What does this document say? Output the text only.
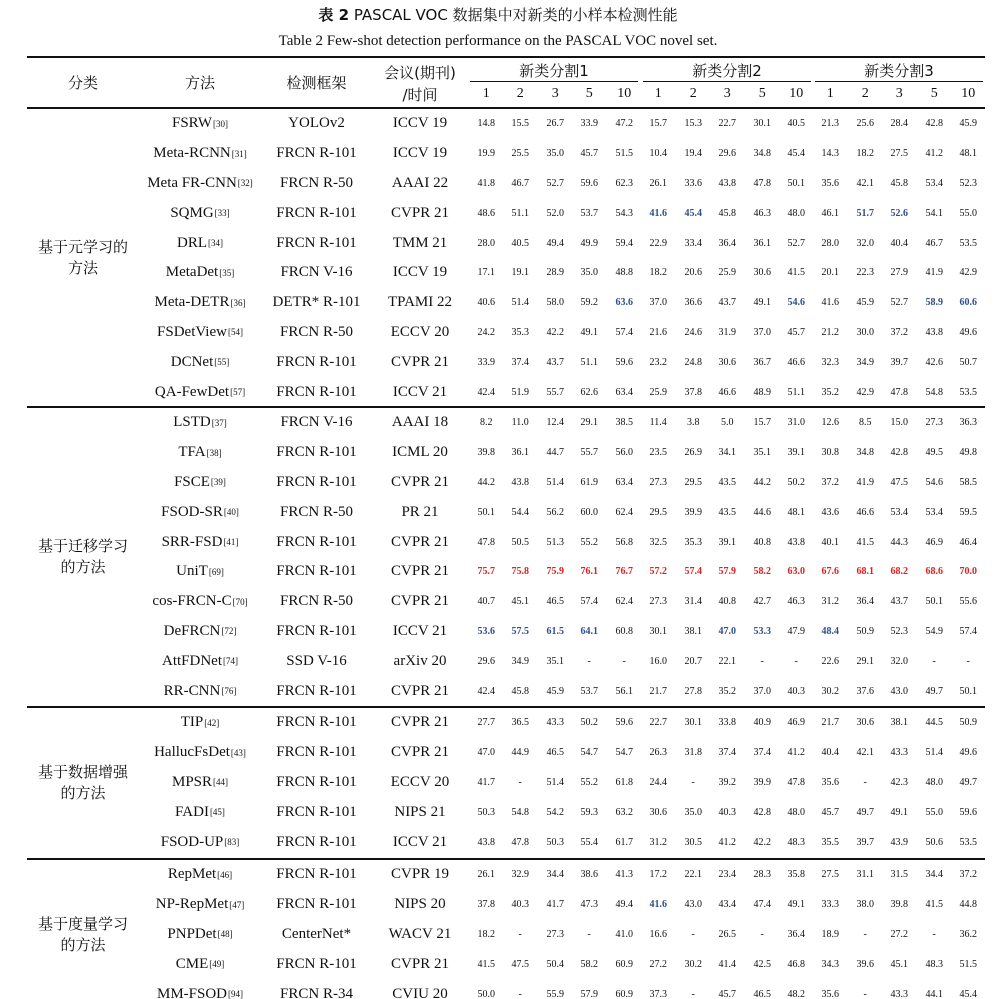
表 2 PASCAL VOC 数据集中对新类的小样本检测性能
Table 2 Few-shot detection performance on the PASCAL VOC novel set.
分类	方法	检测框架
会议(期刊)
/时间
新类分割1	新类分割2	新类分割3
1	2	3	5	10	1	2	3	5	10	1	2	3	5	10
基于元学习的
方法
FSRW [30]	YOLOv2	ICCV 19	14.8	15.5	26.7	33.9	47.2	15.7	15.3	22.7	30.1	40.5	21.3	25.6	28.4	42.8	45.9
Meta-RCNN [31]	FRCN R-101	ICCV 19	19.9	25.5	35.0	45.7	51.5	10.4	19.4	29.6	34.8	45.4	14.3	18.2	27.5	41.2	48.1
Meta FR-CNN [32]	FRCN R-50	AAAI 22	41.8	46.7	52.7	59.6	62.3	26.1	33.6	43.8	47.8	50.1	35.6	42.1	45.8	53.4	52.3
SQMG [33]	FRCN R-101	CVPR 21	48.6	51.1	52.0	53.7	54.3	41.6	45.4	45.8	46.3	48.0	46.1	51.7	52.6	54.1	55.0
DRL [34]	FRCN R-101	TMM 21	28.0	40.5	49.4	49.9	59.4	22.9	33.4	36.4	36.1	52.7	28.0	32.0	40.4	46.7	53.5
MetaDet [35]	FRCN V-16	ICCV 19	17.1	19.1	28.9	35.0	48.8	18.2	20.6	25.9	30.6	41.5	20.1	22.3	27.9	41.9	42.9
Meta-DETR [36]	DETR* R-101	TPAMI 22	40.6	51.4	58.0	59.2	63.6	37.0	36.6	43.7	49.1	54.6	41.6	45.9	52.7	58.9	60.6
FSDetView [54]	FRCN R-50	ECCV 20	24.2	35.3	42.2	49.1	57.4	21.6	24.6	31.9	37.0	45.7	21.2	30.0	37.2	43.8	49.6
DCNet [55]	FRCN R-101	CVPR 21	33.9	37.4	43.7	51.1	59.6	23.2	24.8	30.6	36.7	46.6	32.3	34.9	39.7	42.6	50.7
QA-FewDet [57]	FRCN R-101	ICCV 21	42.4	51.9	55.7	62.6	63.4	25.9	37.8	46.6	48.9	51.1	35.2	42.9	47.8	54.8	53.5
基于迁移学习
的方法
LSTD [37]	FRCN V-16	AAAI 18	8.2	11.0	12.4	29.1	38.5	11.4	3.8	5.0	15.7	31.0	12.6	8.5	15.0	27.3	36.3
TFA [38]	FRCN R-101	ICML 20	39.8	36.1	44.7	55.7	56.0	23.5	26.9	34.1	35.1	39.1	30.8	34.8	42.8	49.5	49.8
FSCE [39]	FRCN R-101	CVPR 21	44.2	43.8	51.4	61.9	63.4	27.3	29.5	43.5	44.2	50.2	37.2	41.9	47.5	54.6	58.5
FSOD-SR [40]	FRCN R-50	PR 21	50.1	54.4	56.2	60.0	62.4	29.5	39.9	43.5	44.6	48.1	43.6	46.6	53.4	53.4	59.5
SRR-FSD [41]	FRCN R-101	CVPR 21	47.8	50.5	51.3	55.2	56.8	32.5	35.3	39.1	40.8	43.8	40.1	41.5	44.3	46.9	46.4
UniT [69]	FRCN R-101	CVPR 21	75.7	75.8	75.9	76.1	76.7	57.2	57.4	57.9	58.2	63.0	67.6	68.1	68.2	68.6	70.0
cos-FRCN-C [70]	FRCN R-50	CVPR 21	40.7	45.1	46.5	57.4	62.4	27.3	31.4	40.8	42.7	46.3	31.2	36.4	43.7	50.1	55.6
DeFRCN [72]	FRCN R-101	ICCV 21	53.6	57.5	61.5	64.1	60.8	30.1	38.1	47.0	53.3	47.9	48.4	50.9	52.3	54.9	57.4
AttFDNet [74]	SSD V-16	arXiv 20	29.6	34.9	35.1	-	-	16.0	20.7	22.1	-	-	22.6	29.1	32.0	-	-
RR-CNN [76]	FRCN R-101	CVPR 21	42.4	45.8	45.9	53.7	56.1	21.7	27.8	35.2	37.0	40.3	30.2	37.6	43.0	49.7	50.1
基于数据增强
的方法
TIP [42]	FRCN R-101	CVPR 21	27.7	36.5	43.3	50.2	59.6	22.7	30.1	33.8	40.9	46.9	21.7	30.6	38.1	44.5	50.9
HallucFsDet [43]	FRCN R-101	CVPR 21	47.0	44.9	46.5	54.7	54.7	26.3	31.8	37.4	37.4	41.2	40.4	42.1	43.3	51.4	49.6
MPSR [44]	FRCN R-101	ECCV 20	41.7	-	51.4	55.2	61.8	24.4	-	39.2	39.9	47.8	35.6	-	42.3	48.0	49.7
FADI [45]	FRCN R-101	NIPS 21	50.3	54.8	54.2	59.3	63.2	30.6	35.0	40.3	42.8	48.0	45.7	49.7	49.1	55.0	59.6
FSOD-UP [83]	FRCN R-101	ICCV 21	43.8	47.8	50.3	55.4	61.7	31.2	30.5	41.2	42.2	48.3	35.5	39.7	43.9	50.6	53.5
基于度量学习
的方法
RepMet [46]	FRCN R-101	CVPR 19	26.1	32.9	34.4	38.6	41.3	17.2	22.1	23.4	28.3	35.8	27.5	31.1	31.5	34.4	37.2
NP-RepMet [47]	FRCN R-101	NIPS 20	37.8	40.3	41.7	47.3	49.4	41.6	43.0	43.4	47.4	49.1	33.3	38.0	39.8	41.5	44.8
PNPDet [48]	CenterNet*	WACV 21	18.2	-	27.3	-	41.0	16.6	-	26.5	-	36.4	18.9	-	27.2	-	36.2
CME [49]	FRCN R-101	CVPR 21	41.5	47.5	50.4	58.2	60.9	27.2	30.2	41.4	42.5	46.8	34.3	39.6	45.1	48.3	51.5
MM-FSOD [94]	FRCN R-34	CVIU 20	50.0	-	55.9	57.9	60.9	37.3	-	45.7	46.5	48.2	35.6	-	43.3	44.1	45.4
